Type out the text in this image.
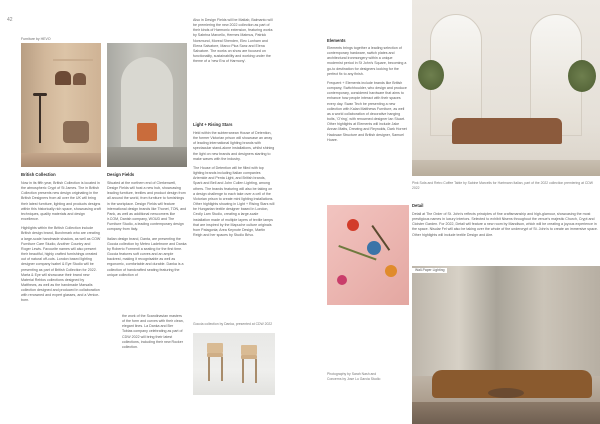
42
Furniture by HEVO
British Collection

Now in its fifth year, British Collection is located in the atmospheric Crypt of St James. The in British Collection presents new design originating in the British Designers from all over the UK will bring their latest furniture, lighting and products designs within this historically rich space, showcasing craft techniques, quality materials and design excellence.

Highlights within the British Collection include British design brand, Burchmark who are creating a large-scale handmade shadow, as well as COW Furniture Care Studio, Another Country and Roger Lewis. Favourite names will also present their beautiful, highly crafted furnishings created out of natural off-cuts. London based lighting designer company Isabel & Eye Studio will be presenting as part of British Collection for 2022. Marta & Eye will showcase their brand new Material Reblos collections designed by Matthews, as well as the handmade Marsalis collection designed and produced in collaboration with renowned and expert glasses, and a Venice-born.

Design Fields

Situated at the northern end of Clerkenwell, Design Fields will host a new hub, showcasing leading furniture, textiles and product design from all around the world, from furniture to furnishings in the workplace. Design Fields will feature international design brands like Thonet, TON, and Pank, as well as additional newcomers like ir.COM, Danish company, WOUD and The Furniture Studio, a leading contemporary design company from Italy.

Italian design brand, Danta, are presenting the Goccia collection by Meteo Ladebrone and Danka by Roberto Formenti a seating for the first time. Goccia features soft curves and an ample backrest, making it recognisable as well as ergonomic, comfortable and durable. Danka is a collection of handcrafted seating featuring the unique collection of

Also in Design Fields will be Matlab, Balmanto will be premiering the new 2022 collection as part of their kinds of Harmonic extension, featuring works by Sabrina Marcello, Hermes Matmus, Patrick Norsmund, Moreal Shenden, Elec Lunham and Elena Salvatore, Marco Pica Sanz and Elena Salvatore. The works on show are focused on functionality, sustainability and working under the theme of a 'new Era of Harmony'.

Light + Rising Stars

Held within the subterranean House of Detention, the former Victorian prison will showcase an array of leading international lighting brands with spectacular stand-alone installations, whilst shining the light on new brands and designers starting to make waves with the industry.

The House of Detention will be filled with top lighting brands including Italian companies Artemide and Penta Light, and British brands, Spark and Bell and John Cullen Lighting, among others. The brands featuring will also be taking on a design challenge to each take over a cell of the Victorian prison to create mini lighting installations. Other highlights showing in Light + Rising Stars will be Hungarian textile designer based in London, Cecily Lam Studio, creating a large-scale installation made of multiple layers of textile lamps that are inspired by the Mapuche culture originals from Patagonia; Area Keynote Design, Martin Reigh and her spaces by Studio Brivo.

Goccia collection by Danka, presented at CDW 2022

the work of the Scandinavian masters of the form and curves with their clean, elegant lines. La Danka and Ber Tobias company celebrating as part of CDW 2022 will bring their latest collections, including their new Rocker collection.

Elements

Elements brings together a leading selection of contemporary hardware, switch plates and architectural ironmongery within a unique modernist period in St John's Square, becoming a go-to destination for designers looking for the perfect fix to any finish.

Frequent + Elements include brands like British company, Switchhoulder, who design and produce contemporary, considered hardware that aims to enhance how people interact with their spaces every day. Swan Tech be presenting a new collection with Kalan Matthews Furniture, as well as a world collaboration of decorative hanging bolts, 'O'ring', with renowned designer Ian Stuart. Other highlights at Elements will include Jake Annan Matts, Drewing and Reynolds, Dark Hornet Hacksaw Structure and British designer, Samuel Hoare.

Photography by Sarah Nash and Concerns by Jose Lu Garcia Studio
Pink Sofa and Retro Coffee Table by Sabine Marcelis for Hartmann Italian, part of the 2022 collection premiering at CDW 2022
Detail

Detail at The Order of St. John's reflects principles of fine craftsmanship and high-glamour, showcasing the most prestigious names in luxury interiors. Selected to exhibit Nisens throughout the venue's majestic Church, Crypt and Cloister Garden. For 2022, Detail will feature a new room by Mandison, which will be creating a joyous experience in the space. Nisular Fel will also be taking over the whole of the undercrypt of St. John's to create an immersive space. Other highlights will include textile Design and Aire.

Wall-Paper Lighting
